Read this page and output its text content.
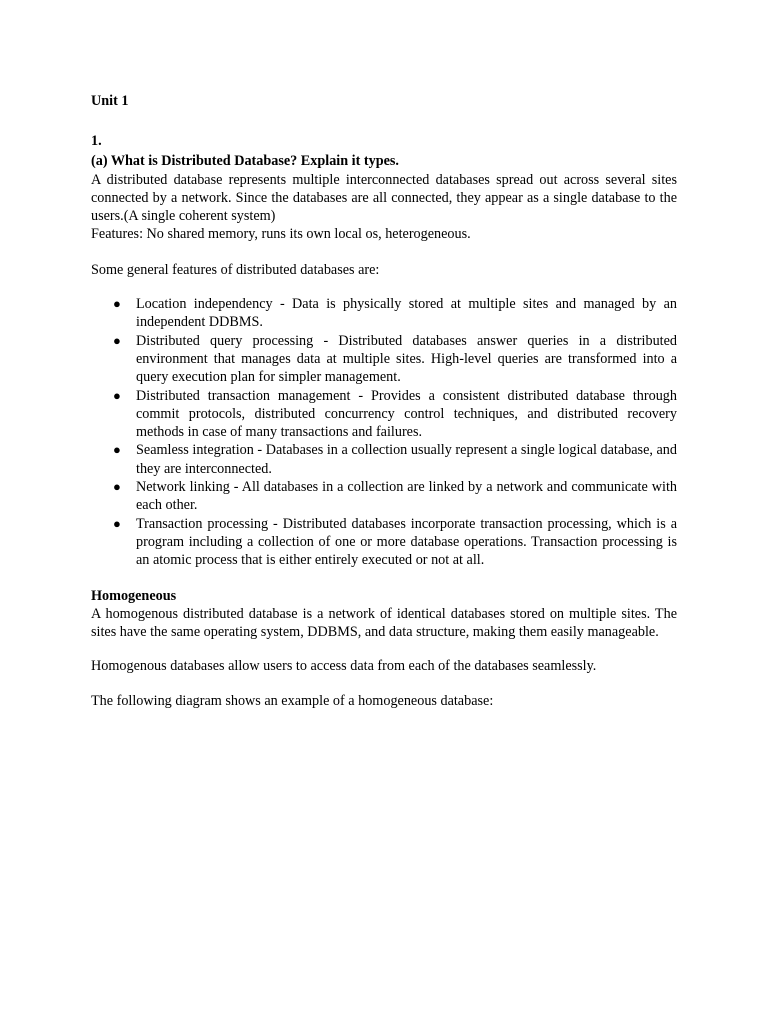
Unit 1

1.

(a) What is Distributed Database? Explain it types.

A distributed database represents multiple interconnected databases spread out across several sites connected by a network. Since the databases are all connected, they appear as a single database to the users.(A single coherent system)

Features: No shared memory, runs its own local os, heterogeneous.

Some general features of distributed databases are:

● Location independency - Data is physically stored at multiple sites and managed by an independent DDBMS.
● Distributed query processing - Distributed databases answer queries in a distributed environment that manages data at multiple sites. High-level queries are transformed into a query execution plan for simpler management.
● Distributed transaction management - Provides a consistent distributed database through commit protocols, distributed concurrency control techniques, and distributed recovery methods in case of many transactions and failures.
● Seamless integration - Databases in a collection usually represent a single logical database, and they are interconnected.
● Network linking - All databases in a collection are linked by a network and communicate with each other.
● Transaction processing - Distributed databases incorporate transaction processing, which is a program including a collection of one or more database operations. Transaction processing is an atomic process that is either entirely executed or not at all.

Homogeneous

A homogenous distributed database is a network of identical databases stored on multiple sites. The sites have the same operating system, DDBMS, and data structure, making them easily manageable.

Homogenous databases allow users to access data from each of the databases seamlessly.

The following diagram shows an example of a homogeneous database:
